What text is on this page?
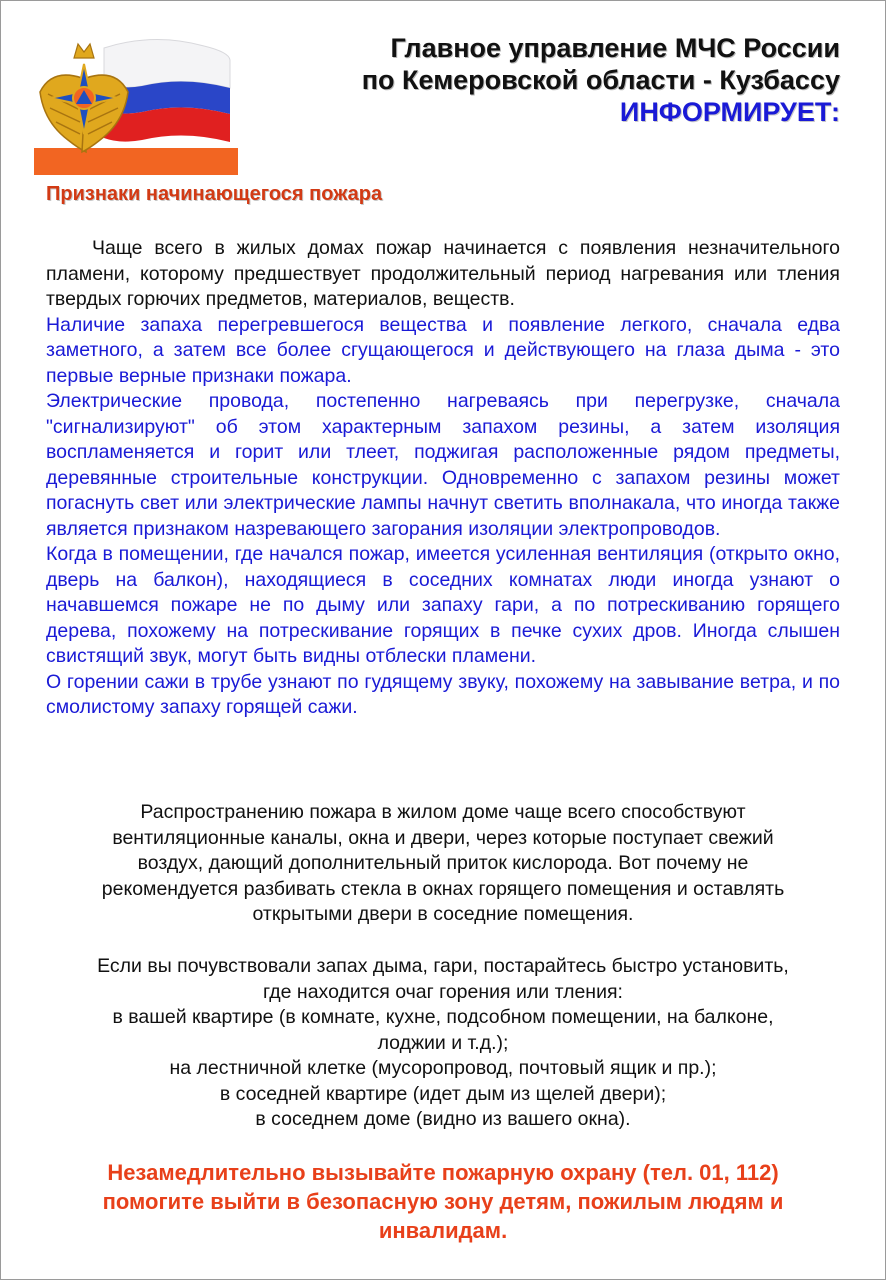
Главное управление МЧС России
по Кемеровской области - Кузбассу
ИНФОРМИРУЕТ:
Признаки начинающегося пожара

Чаще всего в жилых домах пожар начинается с появления незначительного пламени, которому предшествует продолжительный период нагревания или тления твердых горючих предметов, материалов, веществ.

Наличие запаха перегревшегося вещества и появление легкого, сначала едва заметного, а затем все более сгущающегося и действующего на глаза дыма - это первые верные признаки пожара.

Электрические провода, постепенно нагреваясь при перегрузке, сначала "сигнализируют" об этом характерным запахом резины, а затем изоляция воспламеняется и горит или тлеет, поджигая расположенные рядом предметы, деревянные строительные конструкции. Одновременно с запахом резины может погаснуть свет или электрические лампы начнут светить вполнакала, что иногда также является признаком назревающего загорания изоляции электропроводов.

Когда в помещении, где начался пожар, имеется усиленная вентиляция (открыто окно, дверь на балкон), находящиеся в соседних комнатах люди иногда узнают о начавшемся пожаре не по дыму или запаху гари, а по потрескиванию горящего дерева, похожему на потрескивание горящих в печке сухих дров. Иногда слышен свистящий звук, могут быть видны отблески пламени.

О горении сажи в трубе узнают по гудящему звуку, похожему на завывание ветра, и по смолистому запаху горящей сажи.

Распространению пожара в жилом доме чаще всего способствуют

вентиляционные каналы, окна и двери, через которые поступает свежий

воздух, дающий дополнительный приток кислорода. Вот почему не

рекомендуется разбивать стекла в окнах горящего помещения и оставлять

открытыми двери в соседние помещения.

Если вы почувствовали запах дыма, гари, постарайтесь быстро установить,

где находится очаг горения или тления:

в вашей квартире (в комнате, кухне, подсобном помещении, на балконе,

лоджии и т.д.);

на лестничной клетке (мусоропровод, почтовый ящик и пр.);

в соседней квартире (идет дым из щелей двери);

в соседнем доме (видно из вашего окна).

Незамедлительно вызывайте пожарную охрану (тел. 01, 112)

помогите выйти в безопасную зону детям, пожилым людям и

инвалидам.
